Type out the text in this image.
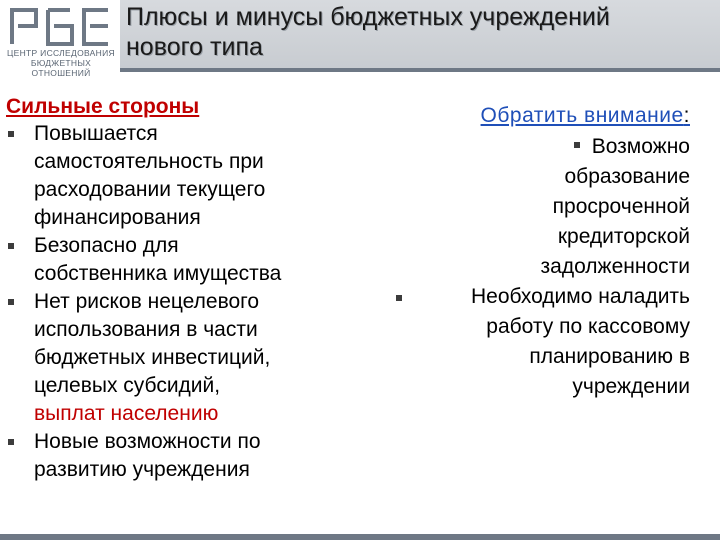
ЦЕНТР ИССЛЕДОВАНИЯ
БЮДЖЕТНЫХ ОТНОШЕНИЙ
Плюсы и минусы бюджетных учреждений
нового типа
Сильные стороны
Повышается
самостоятельность при
расходовании текущего
финансирования
Безопасно для
собственника имущества
Нет рисков нецелевого
использования в части
бюджетных инвестиций,
целевых субсидий,
выплат населению
Новые возможности по
развитию учреждения
Обратить внимание:
Возможно
образование
просроченной
кредиторской
задолженности
Необходимо наладить
работу по кассовому
планированию в
учреждении
